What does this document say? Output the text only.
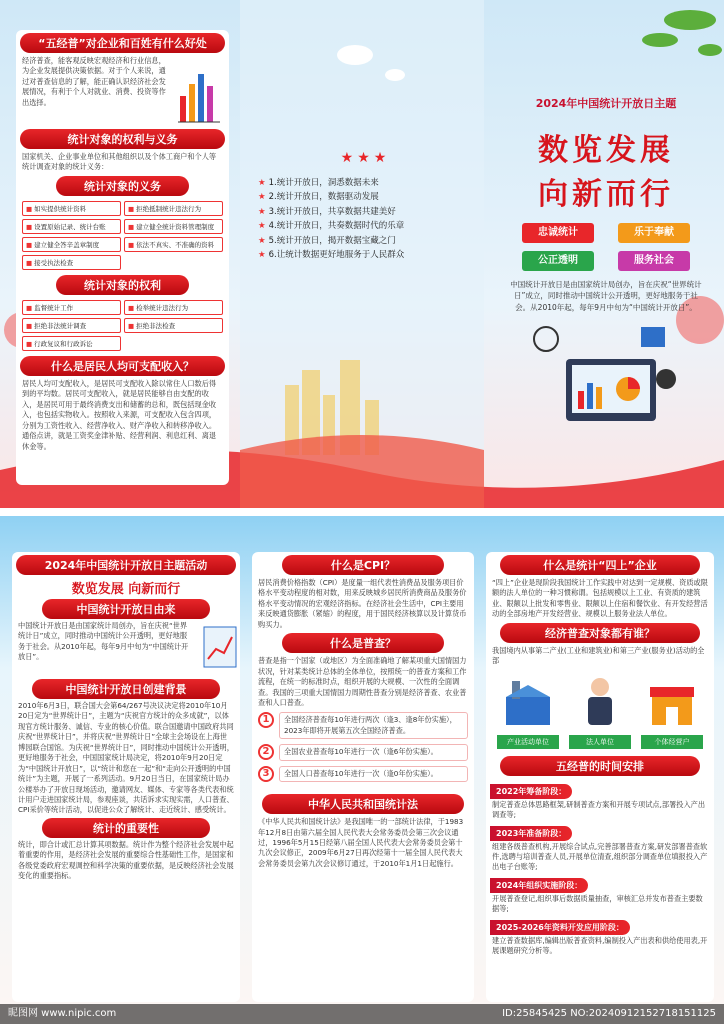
“五经普”对企业和百姓有什么好处
经济普查，能客观反映宏观经济和行业信息，为企业发展提供决策依据。对于个人来说，通过对普查信息的了解，能正确认识经济社会发展情况，有利于个人对就业、消费、投资等作出选择。
统计对象的权利与义务
国家机关、企业事业单位和其他组织以及个体工商户和个人等统计调查对象的统计义务：
统计对象的义务
■ 如实提供统计资料	■ 拒绝抵制统计违法行为
■ 设置原始记录、统计台账	■ 建立健全统计资料管理制度
■ 建立健全答辛盖章制度	■ 依法不真实、不准确的资料
■ 接受执法检查
统计对象的权利
■ 监督统计工作	■ 检举统计违法行为
■ 拒绝非法统计调查	■ 拒绝非法检查
■ 行政复议和行政诉讼
什么是居民人均可支配收入？
居民人均可支配收入，是居民可支配收入除以常住人口数后得到的平均数。居民可支配收入，就是居民能够自由支配的收入，是居民可用于最终消费支出和储蓄的总和，既包括现金收入，也包括实物收入。按照收入来源，可支配收入包含四项，分别为工资性收入、经营净收入、财产净收入和转移净收入。通俗点讲，就是工资奖金津补贴、经营利润、利息红利、离退休金等。
★★★
★ 1.统计开放日，洞悉数据未来
★ 2.统计开放日，数据驱动发展
★ 3.统计开放日，共享数据共建美好
★ 4.统计开放日，共奏数据时代的乐章
★ 5.统计开放日，揭开数据宝藏之门
★ 6.让统计数据更好地服务于人民群众
2024年中国统计开放日主题
数览发展
向新而行
忠诚统计	乐于奉献
公正透明	服务社会
中国统计开放日是由国家统计局创办，旨在庆祝“世界统计日”成立，同时推动中国统计公开透明，更好地服务于社会。从2010年起，每年9月中旬为“中国统计开放日”。
2024年中国统计开放日主题活动
数览发展 向新而行
中国统计开放日由来
中国统计开放日是由国家统计局创办，旨在庆祝“世界统计日”成立，同时推动中国统计公开透明，更好地服务于社会。从2010年起，每年9月中旬为“中国统计开放日”。
中国统计开放日创建背景
2010年6月3日，联合国大会第64/267号决议决定将2010年10月20日定为“世界统计日”，主题为“庆祝官方统计的众多成就”，以体现官方统计服务、诚信、专业的核心价值。联合国邀请中国政府共同庆祝“世界统计日”，并将庆祝“世界统计日”全球主会场设在上海世博园联合国馆。为庆祝“世界统计日”，同时推动中国统计公开透明，更好地服务于社会，中国国家统计局决定，将2010年9月20日定为“中国统计开放日”，以“统计和您在一起”和“走向公开透明的中国统计”为主题，开展了一系列活动。9月20日当日，在国家统计局办公楼举办了开放日现场活动，邀请网友、媒体、专家等各类代表和统计用户走进国家统计局，参观座谈，共话诉求实现实需，人口普查、CPI采价等统计活动，以促进公众了解统计、走近统计、感受统计。
统计的重要性
统计，即合计或汇总计算其项数据。统计作为整个经济社会发展中起着重要的作用，是经济社会发展的重要综合性基础性工作，是国家和各级党委政府宏观调控和科学决策的重要依据，是反映经济社会发展变化的重要指标。
什么是CPI？
居民消费价格指数（CPI）是度量一组代表性消费品及服务项目价格水平变动程度的相对数，用来反映城乡居民所消费商品及服务价格水平变动情况的宏观经济指标。在经济社会生活中，CPI主要用来反映通货膨胀（紧缩）的程度，用于国民经济核算以及计算货币购买力。
什么是普查？
普查是指一个国家（或地区）为全面准确地了解某项重大国情国力状况，针对某类统计总体的全体单位，按照统一的普查方案和工作流程，在统一的标准时点，组织开展的大规模、一次性的全面调查。我国的三项重大国情国力周期性普查分别是经济普查、农业普查和人口普查。
1	全国经济普查每10年进行两次（逢3、逢8年份实施），2023年即将开展第五次全国经济普查。
2	全国农业普查每10年进行一次（逢6年份实施）。
3	全国人口普查每10年进行一次（逢0年份实施）。
中华人民共和国统计法
《中华人民共和国统计法》是我国唯一的一部统计法律，于1983年12月8日由第六届全国人民代表大会常务委员会第三次会议通过，1996年5月15日经第八届全国人民代表大会常务委员会第十九次会议修正，2009年6月27日再次经第十一届全国人民代表大会常务委员会第九次会议修订通过，于2010年1月1日起施行。
什么是统计“四上”企业
“四上”企业是现阶段我国统计工作实践中对达到一定规模、资质或限额的法人单位的一种习惯称谓。包括规模以上工业、有资质的建筑业、限额以上批发和零售业、限额以上住宿和餐饮业、有开发经营活动的全部房地产开发经营业、规模以上服务业法人单位。
经济普查对象都有谁？
我国境内从事第二产业(工业和建筑业)和第三产业(服务业)活动的全部
产业活动单位	法人单位	个体经营户
五经普的时间安排
2022年筹备阶段：
制定普查总体思路框架,研制普查方案和开展专项试点,部署投入产出调查等;
2023年准备阶段：
组建各级普查机构,开展综合试点,完善部署普查方案,研发部署普查软件,选聘与培训普查人员,开展单位清查,组织部分调查单位填报投入产出电子台账等;
2024年组织实施阶段：
开展普查登记,组织事后数据质量抽查，审核汇总并发布普查主要数据等;
2025-2026年资料开发应用阶段：
建立普查数据库,编辑出版普查资料,编制投入产出表和供给使用表,开展课题研究分析等。
昵图网 www.nipic.com	ID:25845425 NO:20240912152718151125
